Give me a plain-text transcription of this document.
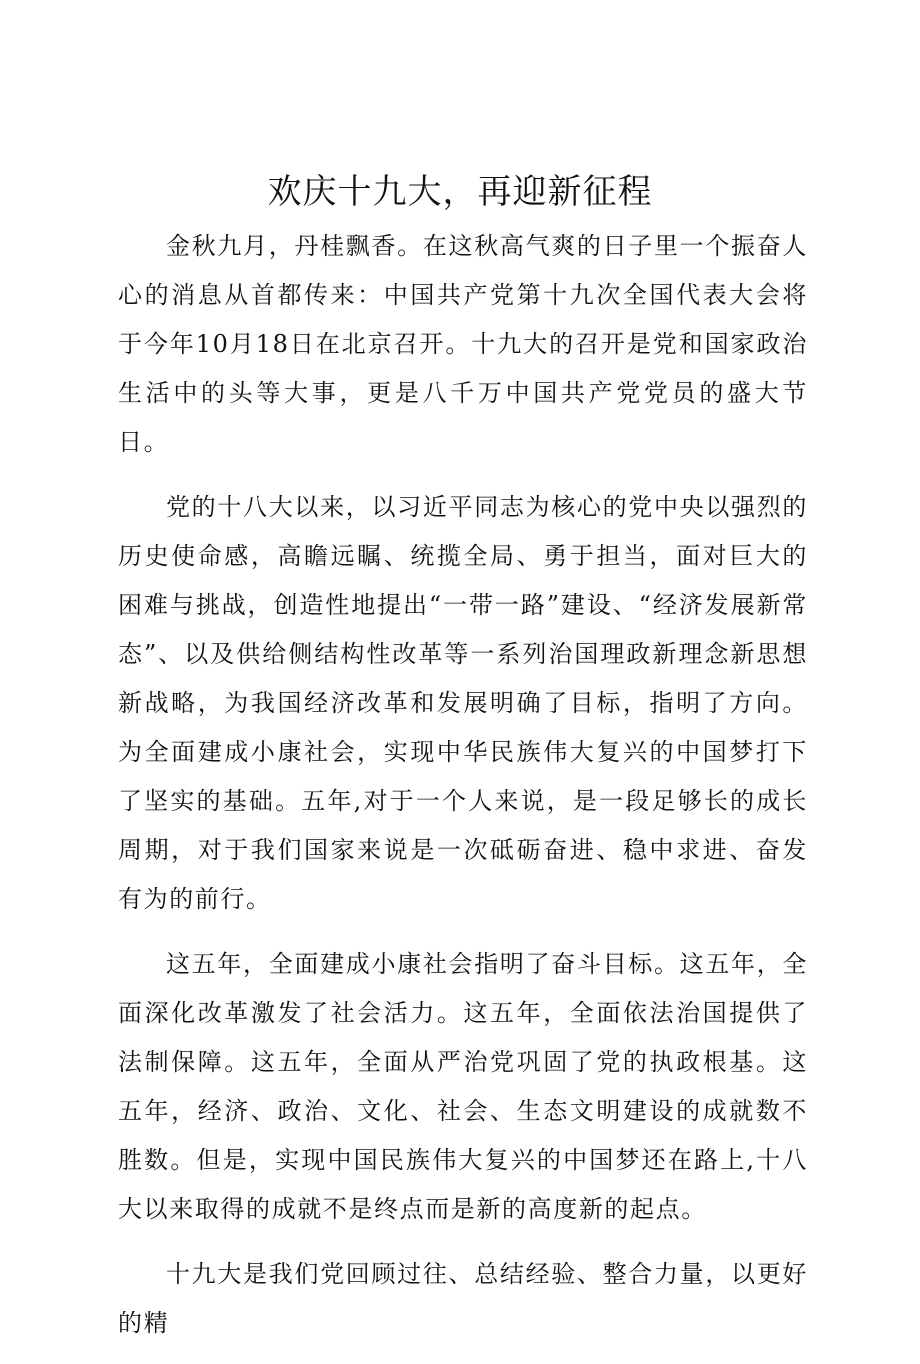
欢庆十九大，再迎新征程

金秋九月，丹桂飘香。在这秋高气爽的日子里一个振奋人心的消息从首都传来：中国共产党第十九次全国代表大会将于今年10月18日在北京召开。十九大的召开是党和国家政治生活中的头等大事，更是八千万中国共产党党员的盛大节日。

党的十八大以来，以习近平同志为核心的党中央以强烈的历史使命感，高瞻远瞩、统揽全局、勇于担当，面对巨大的困难与挑战，创造性地提出“一带一路”建设、“经济发展新常态”、以及供给侧结构性改革等一系列治国理政新理念新思想新战略，为我国经济改革和发展明确了目标，指明了方向。为全面建成小康社会，实现中华民族伟大复兴的中国梦打下了坚实的基础。五年,对于一个人来说，是一段足够长的成长周期，对于我们国家来说是一次砥砺奋进、稳中求进、奋发有为的前行。

这五年，全面建成小康社会指明了奋斗目标。这五年，全面深化改革激发了社会活力。这五年，全面依法治国提供了法制保障。这五年，全面从严治党巩固了党的执政根基。这五年，经济、政治、文化、社会、生态文明建设的成就数不胜数。但是，实现中国民族伟大复兴的中国梦还在路上,十八大以来取得的成就不是终点而是新的高度新的起点。

十九大是我们党回顾过往、总结经验、整合力量，以更好的精
